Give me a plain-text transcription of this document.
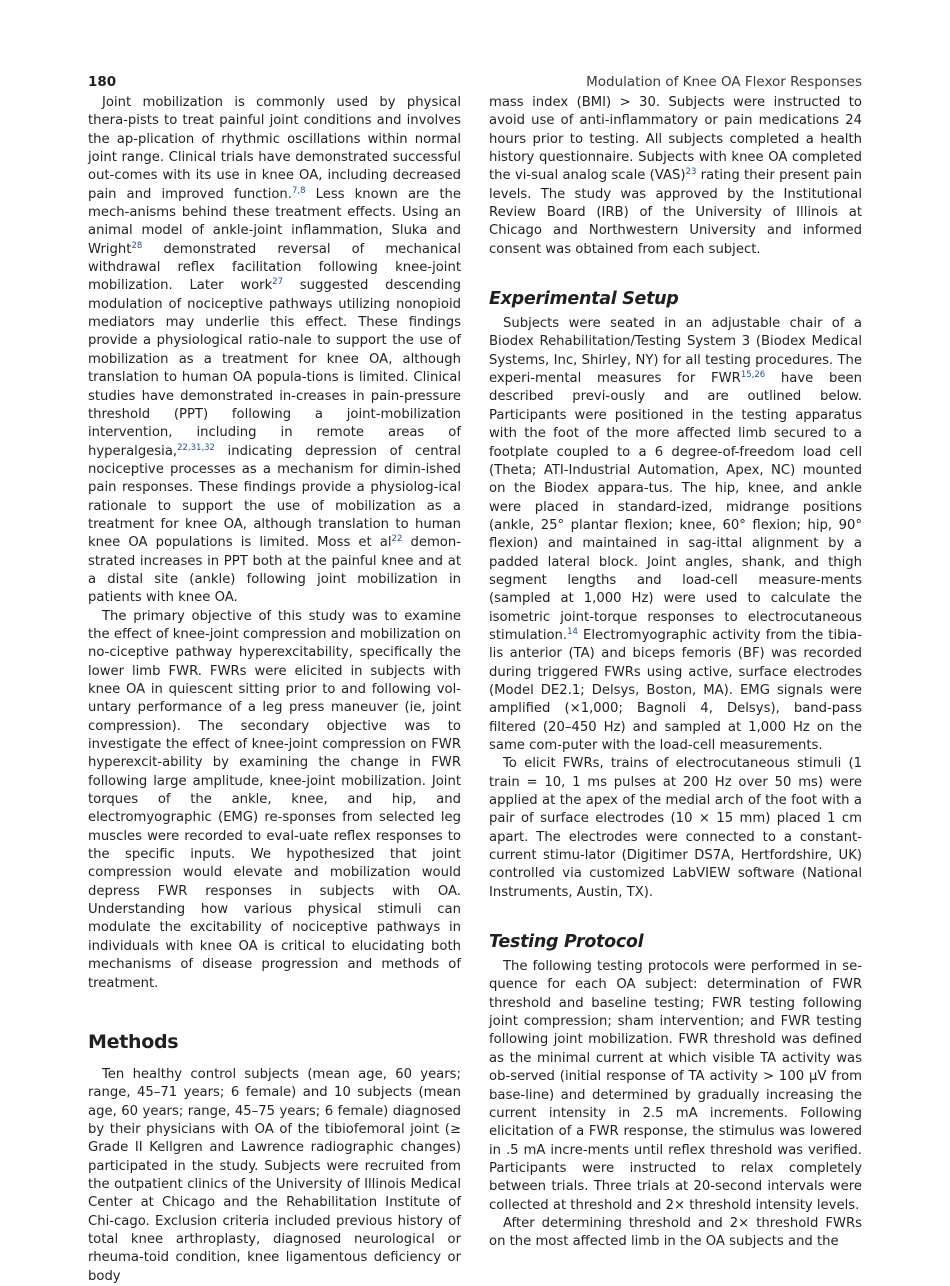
180	Modulation of Knee OA Flexor Responses

Joint mobilization is commonly used by physical thera-pists to treat painful joint conditions and involves the ap-plication of rhythmic oscillations within normal joint range. Clinical trials have demonstrated successful out-comes with its use in knee OA, including decreased pain and improved function.$^{7,8}$ Less known are the mech-anisms behind these treatment effects. Using an animal model of ankle-joint inflammation, Sluka and Wright$^{28}$ demonstrated reversal of mechanical withdrawal reflex facilitation following knee-joint mobilization. Later work$^{27}$ suggested descending modulation of nociceptive pathways utilizing nonopioid mediators may underlie this effect. These findings provide a physiological ratio-nale to support the use of mobilization as a treatment for knee OA, although translation to human OA popula-tions is limited. Clinical studies have demonstrated in-creases in pain-pressure threshold (PPT) following a joint-mobilization intervention, including in remote areas of hyperalgesia,$^{22,31,32}$ indicating depression of central nociceptive processes as a mechanism for dimin-ished pain responses. These findings provide a physiolog-ical rationale to support the use of mobilization as a treatment for knee OA, although translation to human knee OA populations is limited. Moss et $al^{22}$ demon-strated increases in PPT both at the painful knee and at a distal site (ankle) following joint mobilization in patients with knee OA.

The primary objective of this study was to examine the effect of knee-joint compression and mobilization on no-ciceptive pathway hyperexcitability, specifically the lower limb FWR. FWRs were elicited in subjects with knee OA in quiescent sitting prior to and following vol-untary performance of a leg press maneuver (ie, joint compression). The secondary objective was to investigate the effect of knee-joint compression on FWR hyperexcit-ability by examining the change in FWR following large amplitude, knee-joint mobilization. Joint torques of the ankle, knee, and hip, and electromyographic (EMG) re-sponses from selected leg muscles were recorded to eval-uate reflex responses to the specific inputs. We hypothesized that joint compression would elevate and mobilization would depress FWR responses in subjects with OA. Understanding how various physical stimuli can modulate the excitability of nociceptive pathways in individuals with knee OA is critical to elucidating both mechanisms of disease progression and methods of treatment.

Methods

Ten healthy control subjects (mean age, 60 years; range, 45–71 years; 6 female) and 10 subjects (mean age, 60 years; range, 45–75 years; 6 female) diagnosed by their physicians with OA of the tibiofemoral joint (≥ Grade II Kellgren and Lawrence radiographic changes) participated in the study. Subjects were recruited from the outpatient clinics of the University of Illinois Medical Center at Chicago and the Rehabilitation Institute of Chi-cago. Exclusion criteria included previous history of total knee arthroplasty, diagnosed neurological or rheuma-toid condition, knee ligamentous deficiency or body

mass index (BMI) > 30. Subjects were instructed to avoid use of anti-inflammatory or pain medications 24 hours prior to testing. All subjects completed a health history questionnaire. Subjects with knee OA completed the vi-sual analog scale (VAS)$^{23}$ rating their present pain levels. The study was approved by the Institutional Review Board (IRB) of the University of Illinois at Chicago and Northwestern University and informed consent was obtained from each subject.

Experimental Setup

Subjects were seated in an adjustable chair of a Biodex Rehabilitation/Testing System 3 (Biodex Medical Systems, Inc, Shirley, NY) for all testing procedures. The experi-mental measures for FWR$^{15,26}$ have been described previ-ously and are outlined below. Participants were positioned in the testing apparatus with the foot of the more affected limb secured to a footplate coupled to a 6 degree-of-freedom load cell (Theta; ATI-Industrial Automation, Apex, NC) mounted on the Biodex appara-tus. The hip, knee, and ankle were placed in standard-ized, midrange positions (ankle, 25° plantar flexion; knee, 60° flexion; hip, 90° flexion) and maintained in sag-ittal alignment by a padded lateral block. Joint angles, shank, and thigh segment lengths and load-cell measure-ments (sampled at 1,000 Hz) were used to calculate the isometric joint-torque responses to electrocutaneous stimulation.$^{14}$ Electromyographic activity from the tibia-lis anterior (TA) and biceps femoris (BF) was recorded during triggered FWRs using active, surface electrodes (Model DE2.1; Delsys, Boston, MA). EMG signals were amplified (×1,000; Bagnoli 4, Delsys), band-pass filtered (20–450 Hz) and sampled at 1,000 Hz on the same com-puter with the load-cell measurements.

To elicit FWRs, trains of electrocutaneous stimuli (1 train = 10, 1 ms pulses at 200 Hz over 50 ms) were applied at the apex of the medial arch of the foot with a pair of surface electrodes (10 × 15 mm) placed 1 cm apart. The electrodes were connected to a constant-current stimu-lator (Digitimer DS7A, Hertfordshire, UK) controlled via customized LabVIEW software (National Instruments, Austin, TX).

Testing Protocol

The following testing protocols were performed in se-quence for each OA subject: determination of FWR threshold and baseline testing; FWR testing following joint compression; sham intervention; and FWR testing following joint mobilization. FWR threshold was defined as the minimal current at which visible TA activity was ob-served (initial response of TA activity > 100 μV from base-line) and determined by gradually increasing the current intensity in 2.5 mA increments. Following elicitation of a FWR response, the stimulus was lowered in .5 mA incre-ments until reflex threshold was verified. Participants were instructed to relax completely between trials. Three trials at 20-second intervals were collected at threshold and 2× threshold intensity levels.

After determining threshold and 2× threshold FWRs on the most affected limb in the OA subjects and the
